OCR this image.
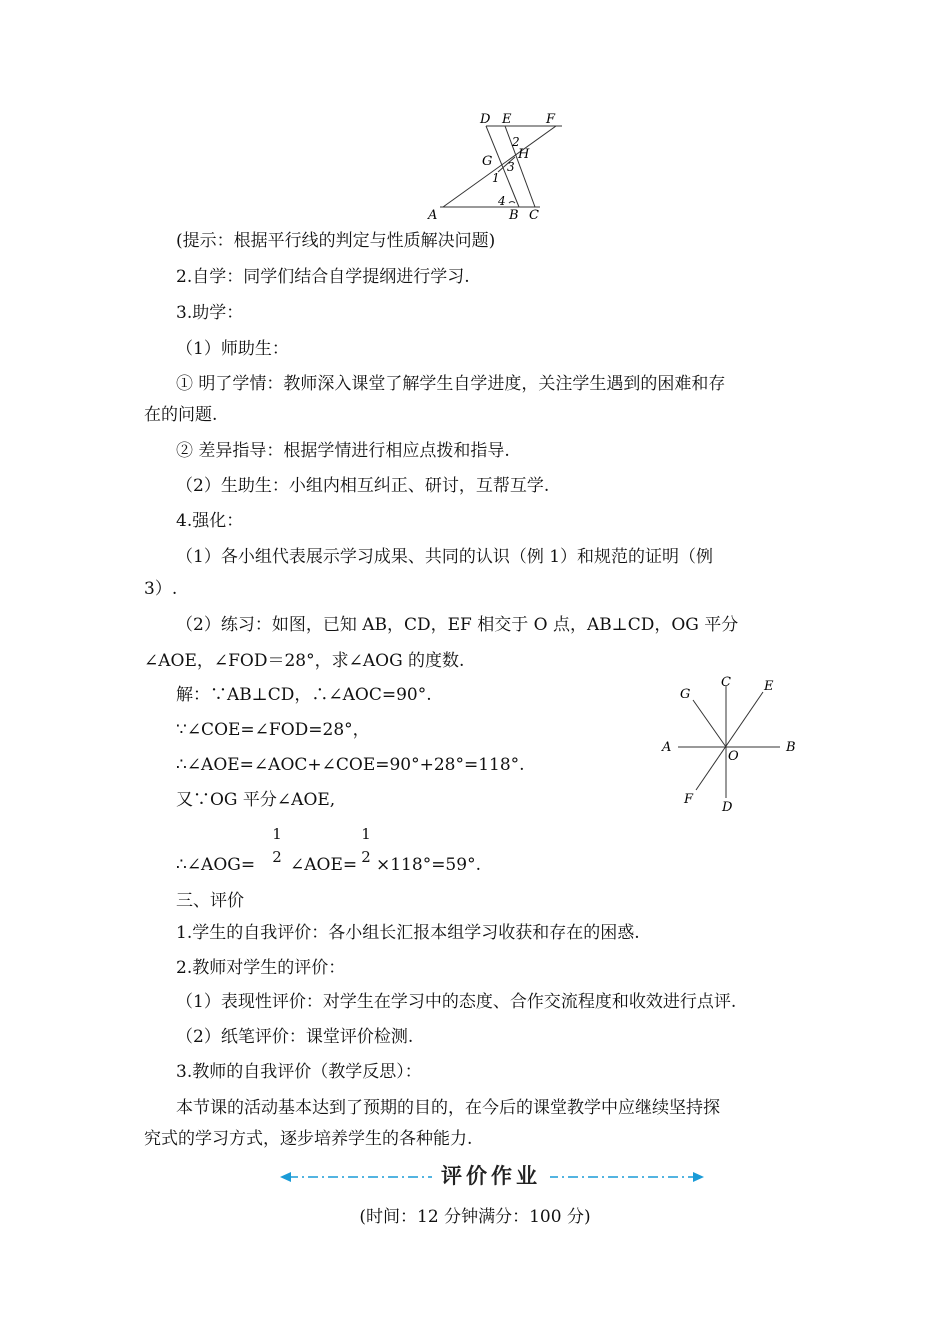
D E	F
G H
A	B C
1
2
3
4
(提示：根据平行线的判定与性质解决问题)
2.自学：同学们结合自学提纲进行学习.
3.助学：
（1）师助生：
① 明了学情：教师深入课堂了解学生自学进度，关注学生遇到的困难和存
在的问题.
② 差异指导：根据学情进行相应点拨和指导.
（2）生助生：小组内相互纠正、研讨，互帮互学.
4.强化：
（1）各小组代表展示学习成果、共同的认识（例 1）和规范的证明（例
3）.
（2）练习：如图，已知 AB，CD，EF 相交于 O 点，AB⊥CD，OG 平分
∠AOE，∠FOD＝28°，求∠AOG 的度数.
解：∵AB⊥CD，∴∠AOC=90°.
∵∠COE=∠FOD=28°，
∴∠AOE=∠AOC+∠COE=90°+28°=118°.
又∵OG 平分∠AOE,
∴∠AOG=
1
2 ∠AOE=
1
2 ×118°=59°.
C	E
G
A
O
B
F
D
三、评价
1.学生的自我评价：各小组长汇报本组学习收获和存在的困惑.
2.教师对学生的评价：
（1）表现性评价：对学生在学习中的态度、合作交流程度和收效进行点评.
（2）纸笔评价：课堂评价检测.
3.教师的自我评价（教学反思）：
本节课的活动基本达到了预期的目的，在今后的课堂教学中应继续坚持探
究式的学习方式，逐步培养学生的各种能力.
评价作业
(时间：12 分钟满分：100 分)
